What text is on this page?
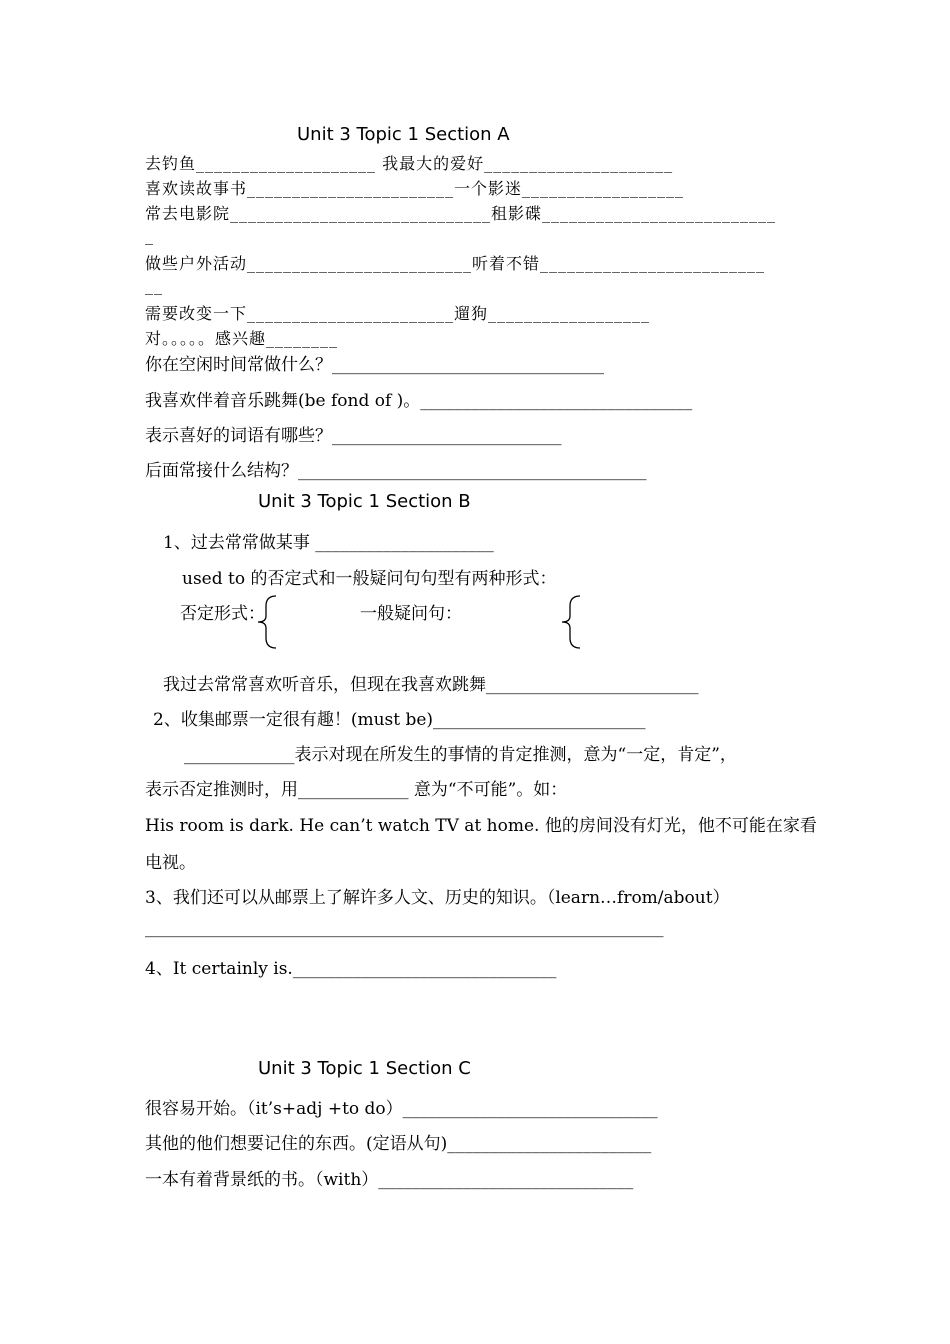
Unit 3 Topic 1 Section A
去钓鱼____________________ 我最大的爱好_____________________
喜欢读故事书_______________________一个影迷__________________
常去电影院_____________________________租影碟__________________________
_
做些户外活动_________________________听着不错_________________________
__
需要改变一下_______________________遛狗__________________
对。。。。。感兴趣________
你在空闲时间常做什么？________________________________
我喜欢伴着音乐跳舞(be fond of )。________________________________
表示喜好的词语有哪些？___________________________
后面常接什么结构？_________________________________________
Unit 3 Topic 1 Section B
1、过去常常做某事 _____________________
used to 的否定式和一般疑问句句型有两种形式：
否定形式：	一般疑问句：
我过去常常喜欢听音乐，但现在我喜欢跳舞_________________________
2、收集邮票一定很有趣！(must be)_________________________
_____________表示对现在所发生的事情的肯定推测，意为“一定，肯定”，
表示否定推测时，用_____________ 意为“不可能”。如：
His room is dark. He can’t watch TV at home. 他的房间没有灯光，他不可能在家看
电视。
3、我们还可以从邮票上了解许多人文、历史的知识。（learn…from/about）
_____________________________________________________________
4、It certainly is._______________________________
Unit 3 Topic 1 Section C
很容易开始。（it’s+adj +to do）______________________________
其他的他们想要记住的东西。(定语从句)________________________
一本有着背景纸的书。（with）______________________________
